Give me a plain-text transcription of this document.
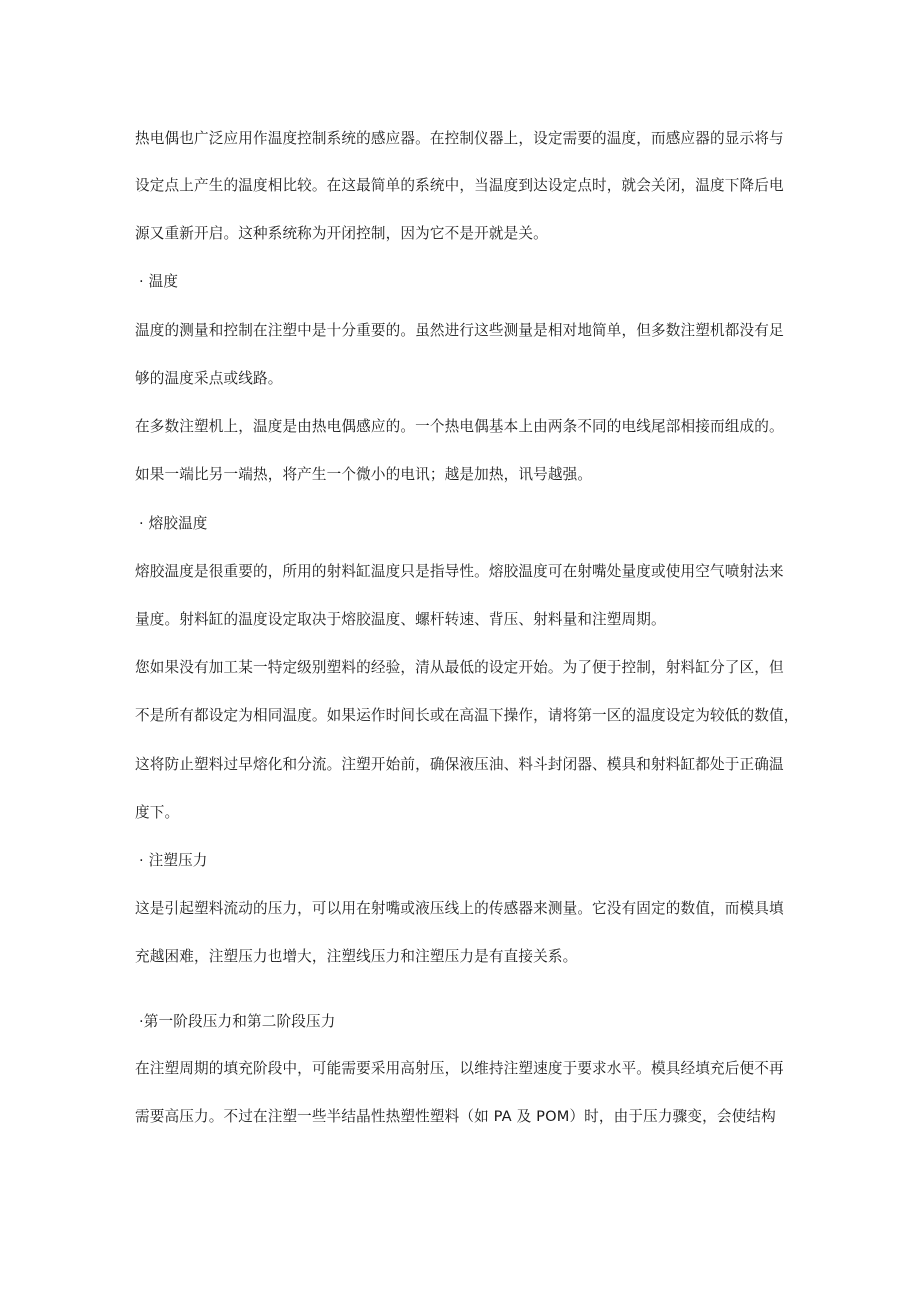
热电偶也广泛应用作温度控制系统的感应器。在控制仪器上，设定需要的温度，而感应器的显示将与
设定点上产生的温度相比较。在这最简单的系统中，当温度到达设定点时，就会关闭，温度下降后电
源又重新开启。这种系统称为开闭控制，因为它不是开就是关。
· 温度
温度的测量和控制在注塑中是十分重要的。虽然进行这些测量是相对地简单，但多数注塑机都没有足
够的温度采点或线路。
在多数注塑机上，温度是由热电偶感应的。一个热电偶基本上由两条不同的电线尾部相接而组成的。
如果一端比另一端热，将产生一个微小的电讯；越是加热，讯号越强。
· 熔胶温度
熔胶温度是很重要的，所用的射料缸温度只是指导性。熔胶温度可在射嘴处量度或使用空气喷射法来
量度。射料缸的温度设定取决于熔胶温度、螺杆转速、背压、射料量和注塑周期。
您如果没有加工某一特定级别塑料的经验，清从最低的设定开始。为了便于控制，射料缸分了区，但
不是所有都设定为相同温度。如果运作时间长或在高温下操作，请将第一区的温度设定为较低的数值，
这将防止塑料过早熔化和分流。注塑开始前，确保液压油、料斗封闭器、模具和射料缸都处于正确温
度下。
· 注塑压力
这是引起塑料流动的压力，可以用在射嘴或液压线上的传感器来测量。它没有固定的数值，而模具填
充越困难，注塑压力也增大，注塑线压力和注塑压力是有直接关系。
·第一阶段压力和第二阶段压力
在注塑周期的填充阶段中，可能需要采用高射压，以维持注塑速度于要求水平。模具经填充后便不再
需要高压力。不过在注塑一些半结晶性热塑性塑料（如 PA 及 POM）时，由于压力骤变，会使结构
